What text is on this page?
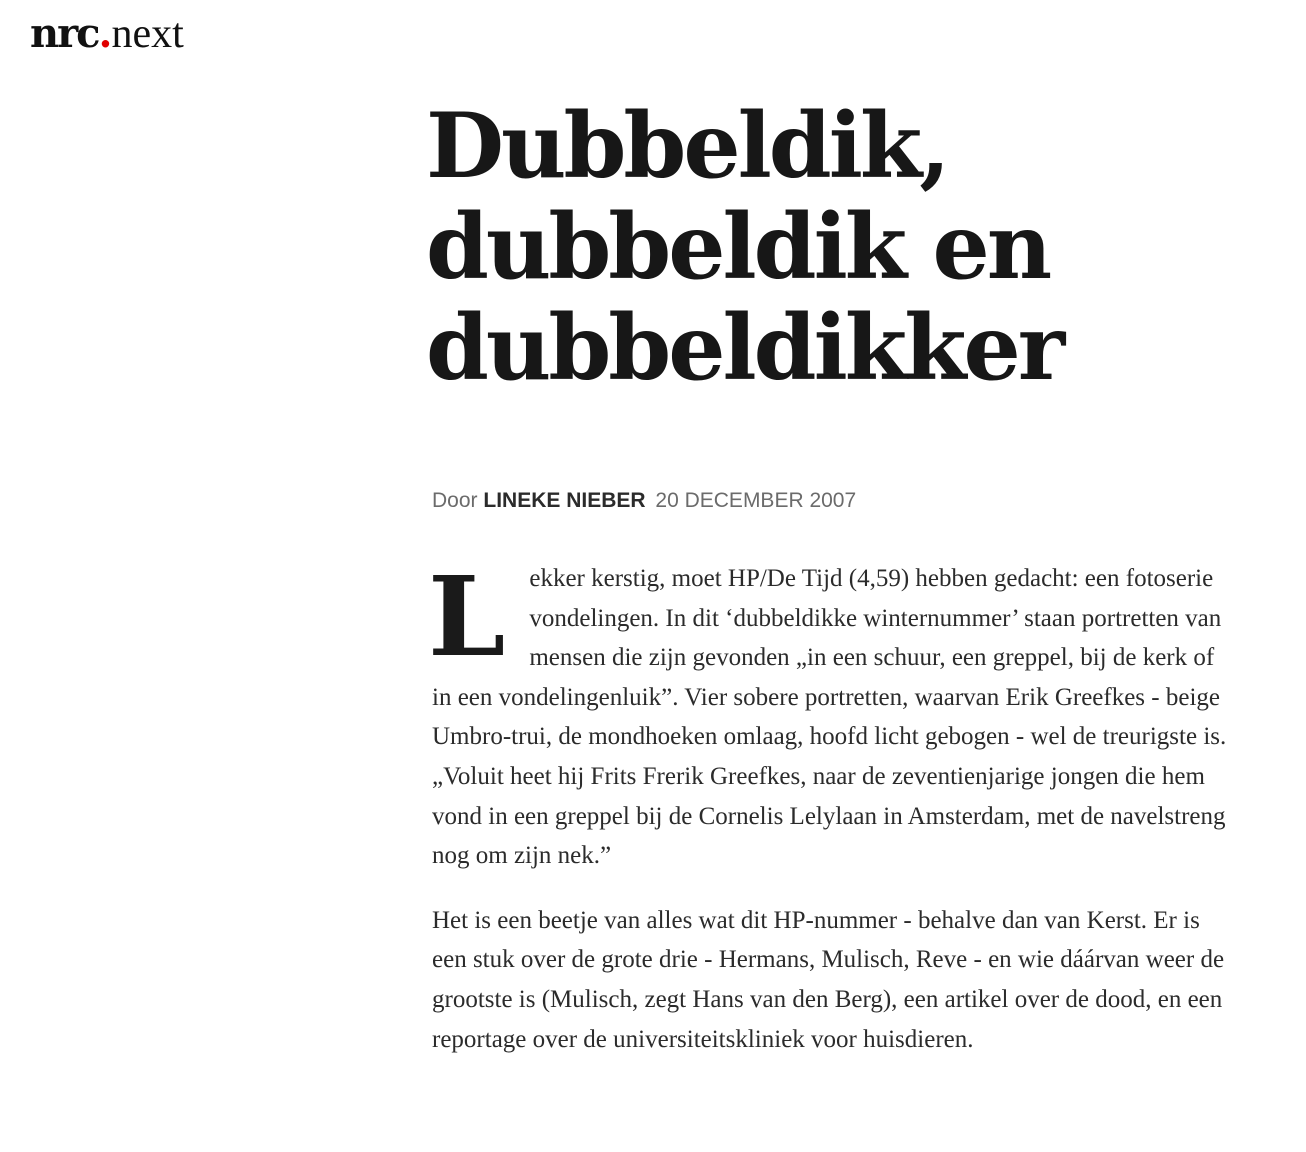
nrc.next
Dubbeldik, dubbeldik en dubbeldikker
Door LINEKE NIEBER 20 DECEMBER 2007

Lekker kerstig, moet HP/De Tijd (4,59) hebben gedacht: een fotoserie vondelingen. In dit ‘dubbeldikke winternummer’ staan portretten van mensen die zijn gevonden „in een schuur, een greppel, bij de kerk of in een vondelingenluik”. Vier sobere portretten, waarvan Erik Greefkes - beige Umbro-trui, de mondhoeken omlaag, hoofd licht gebogen - wel de treurigste is. „Voluit heet hij Frits Frerik Greefkes, naar de zeventienjarige jongen die hem vond in een greppel bij de Cornelis Lelylaan in Amsterdam, met de navelstreng nog om zijn nek.”

Het is een beetje van alles wat dit HP-nummer - behalve dan van Kerst. Er is een stuk over de grote drie - Hermans, Mulisch, Reve - en wie dáárvan weer de grootste is (Mulisch, zegt Hans van den Berg), een artikel over de dood, en een reportage over de universiteitskliniek voor huisdieren.
